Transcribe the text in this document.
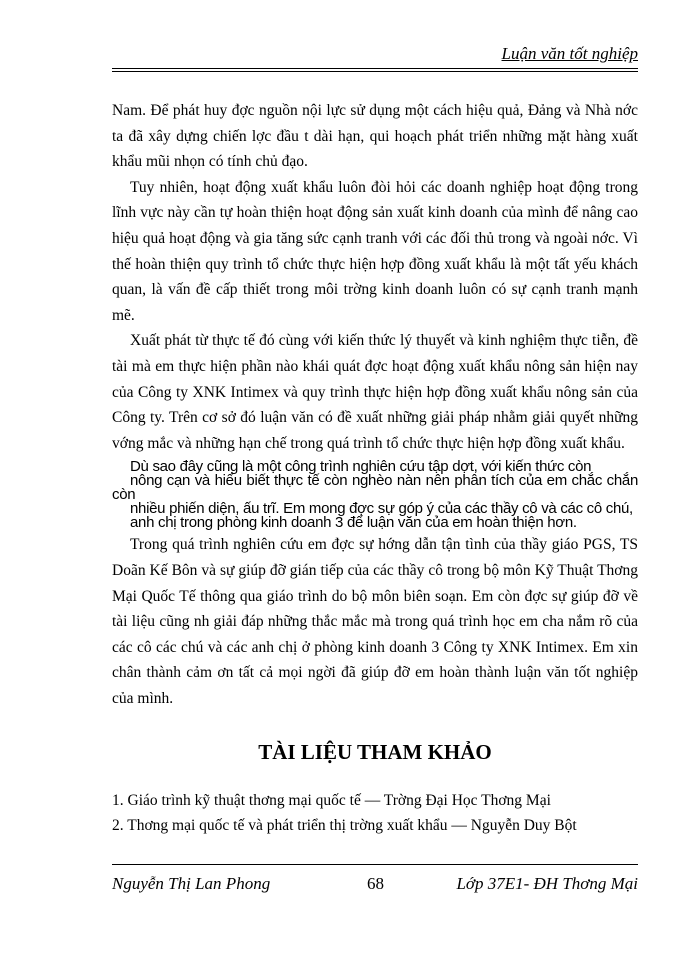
Luận văn tốt nghiệp

Nam. Để phát huy đợc nguồn nội lực sử dụng một cách hiệu quả, Đảng và Nhà nớc ta đã xây dựng chiến lợc đầu t dài hạn, qui hoạch phát triển những mặt hàng xuất khẩu mũi nhọn có tính chủ đạo.

Tuy nhiên, hoạt động xuất khẩu luôn đòi hỏi các doanh nghiệp hoạt động trong lĩnh vực này cần tự hoàn thiện hoạt động sản xuất kinh doanh của mình để nâng cao hiệu quả hoạt động và gia tăng sức cạnh tranh với các đối thủ trong và ngoài nớc. Vì thế hoàn thiện quy trình tổ chức thực hiện hợp đồng xuất khẩu là một tất yếu khách quan, là vấn đề cấp thiết trong môi trờng kinh doanh luôn có sự cạnh tranh mạnh mẽ.

Xuất phát từ thực tế đó cùng với kiến thức lý thuyết và kinh nghiệm thực tiễn, đề tài mà em thực hiện phần nào khái quát đợc hoạt động xuất khẩu nông sản hiện nay của Công ty XNK Intimex và quy trình thực hiện hợp đồng xuất khẩu nông sản của Công ty. Trên cơ sở đó luận văn có đề xuất những giải pháp nhằm giải quyết những vớng mắc và những hạn chế trong quá trình tổ chức thực hiện hợp đồng xuất khẩu.

Dù sao đây cũng là một công trình nghiên cứu tập dợt, với kiến thức còn
nông cạn và hiểu biết thực tế còn nghèo nàn nên phân tích của em chắc chắn còn
nhiều phiến diện, ấu trĩ. Em mong đợc sự góp ý của các thầy cô và các cô chú,
anh chị trong phòng kinh doanh 3 để luận văn của em hoàn thiện hơn.

Trong quá trình nghiên cứu em đợc sự hớng dẫn tận tình của thầy giáo PGS, TS Doãn Kế Bôn và sự giúp đỡ gián tiếp của các thầy cô trong bộ môn Kỹ Thuật Thơng Mại Quốc Tế thông qua giáo trình do bộ môn biên soạn. Em còn đợc sự giúp đỡ về tài liệu cũng nh giải đáp những thắc mắc mà trong quá trình học em cha nắm rõ của các cô các chú và các anh chị ở phòng kinh doanh 3 Công ty XNK Intimex. Em xin chân thành cảm ơn tất cả mọi ngời đã giúp đỡ em hoàn thành luận văn tốt nghiệp của mình.

TÀI LIỆU THAM KHẢO
1. Giáo trình kỹ thuật thơng mại quốc tế — Trờng Đại Học Thơng Mại
2. Thơng mại quốc tế và phát triển thị trờng xuất khẩu — Nguyễn Duy Bột
Nguyễn Thị Lan Phong	68	Lớp 37E1- ĐH Thơng Mại
